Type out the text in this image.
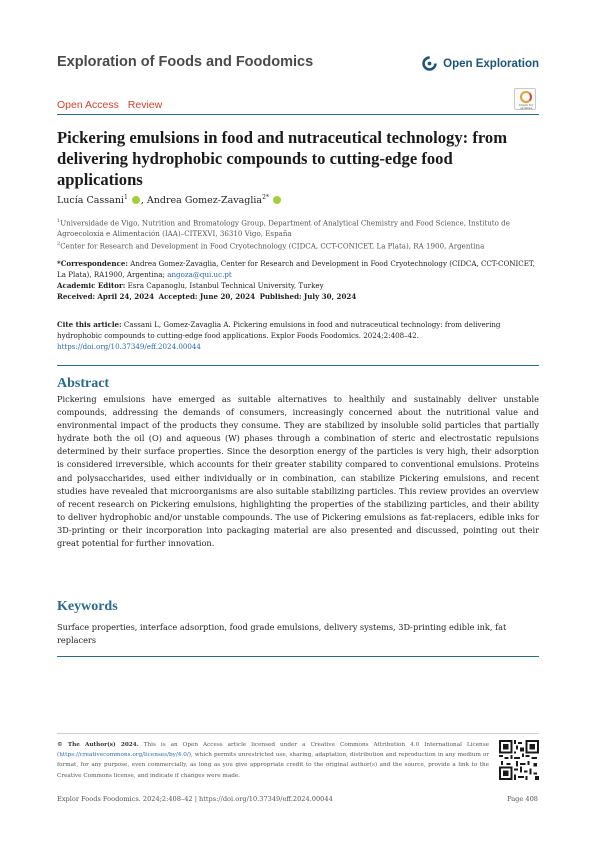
Exploration of Foods and Foodomics	Open Exploration
Open Access Review	Check for updates
Pickering emulsions in food and nutraceutical technology: from delivering hydrophobic compounds to cutting-edge food applications
Lucía Cassani$^1$ , Andrea Gomez-Zavaglia$^{2*}$
$^1$Universidade de Vigo, Nutrition and Bromatology Group, Department of Analytical Chemistry and Food Science, Instituto de Agroecoloxía e Alimentación (IAA)–CITEXVI, 36310 Vigo, España
$^2$Center for Research and Development in Food Cryotechnology (CIDCA, CCT-CONICET, La Plata), RA 1900, Argentina
*Correspondence: Andrea Gomez-Zavaglia, Center for Research and Development in Food Cryotechnology (CIDCA, CCT-CONICET, La Plata), RA1900, Argentina; angoza@qui.uc.pt
Academic Editor: Esra Capanoglu, Istanbul Technical University, Turkey
Received: April 24, 2024 Accepted: June 20, 2024 Published: July 30, 2024
Cite this article: Cassani L, Gomez-Zavaglia A. Pickering emulsions in food and nutraceutical technology: from delivering hydrophobic compounds to cutting-edge food applications. Explor Foods Foodomics. 2024;2:408–42. https://doi.org/10.37349/eff.2024.00044
Abstract

Pickering emulsions have emerged as suitable alternatives to healthily and sustainably deliver unstable compounds, addressing the demands of consumers, increasingly concerned about the nutritional value and environmental impact of the products they consume. They are stabilized by insoluble solid particles that partially hydrate both the oil (O) and aqueous (W) phases through a combination of steric and electrostatic repulsions determined by their surface properties. Since the desorption energy of the particles is very high, their adsorption is considered irreversible, which accounts for their greater stability compared to conventional emulsions. Proteins and polysaccharides, used either individually or in combination, can stabilize Pickering emulsions, and recent studies have revealed that microorganisms are also suitable stabilizing particles. This review provides an overview of recent research on Pickering emulsions, highlighting the properties of the stabilizing particles, and their ability to deliver hydrophobic and/or unstable compounds. The use of Pickering emulsions as fat-replacers, edible inks for 3D-printing or their incorporation into packaging material are also presented and discussed, pointing out their great potential for further innovation.

Keywords

Surface properties, interface adsorption, food grade emulsions, delivery systems, 3D-printing edible ink, fat replacers

© The Author(s) 2024. This is an Open Access article licensed under a Creative Commons Attribution 4.0 International License (https://creativecommons.org/licenses/by/4.0/), which permits unrestricted use, sharing, adaptation, distribution and reproduction in any medium or format, for any purpose, even commercially, as long as you give appropriate credit to the original author(s) and the source, provide a link to the Creative Commons license, and indicate if changes were made.

Explor Foods Foodomics. 2024;2:408–42 | https://doi.org/10.37349/eff.2024.00044	Page 408
